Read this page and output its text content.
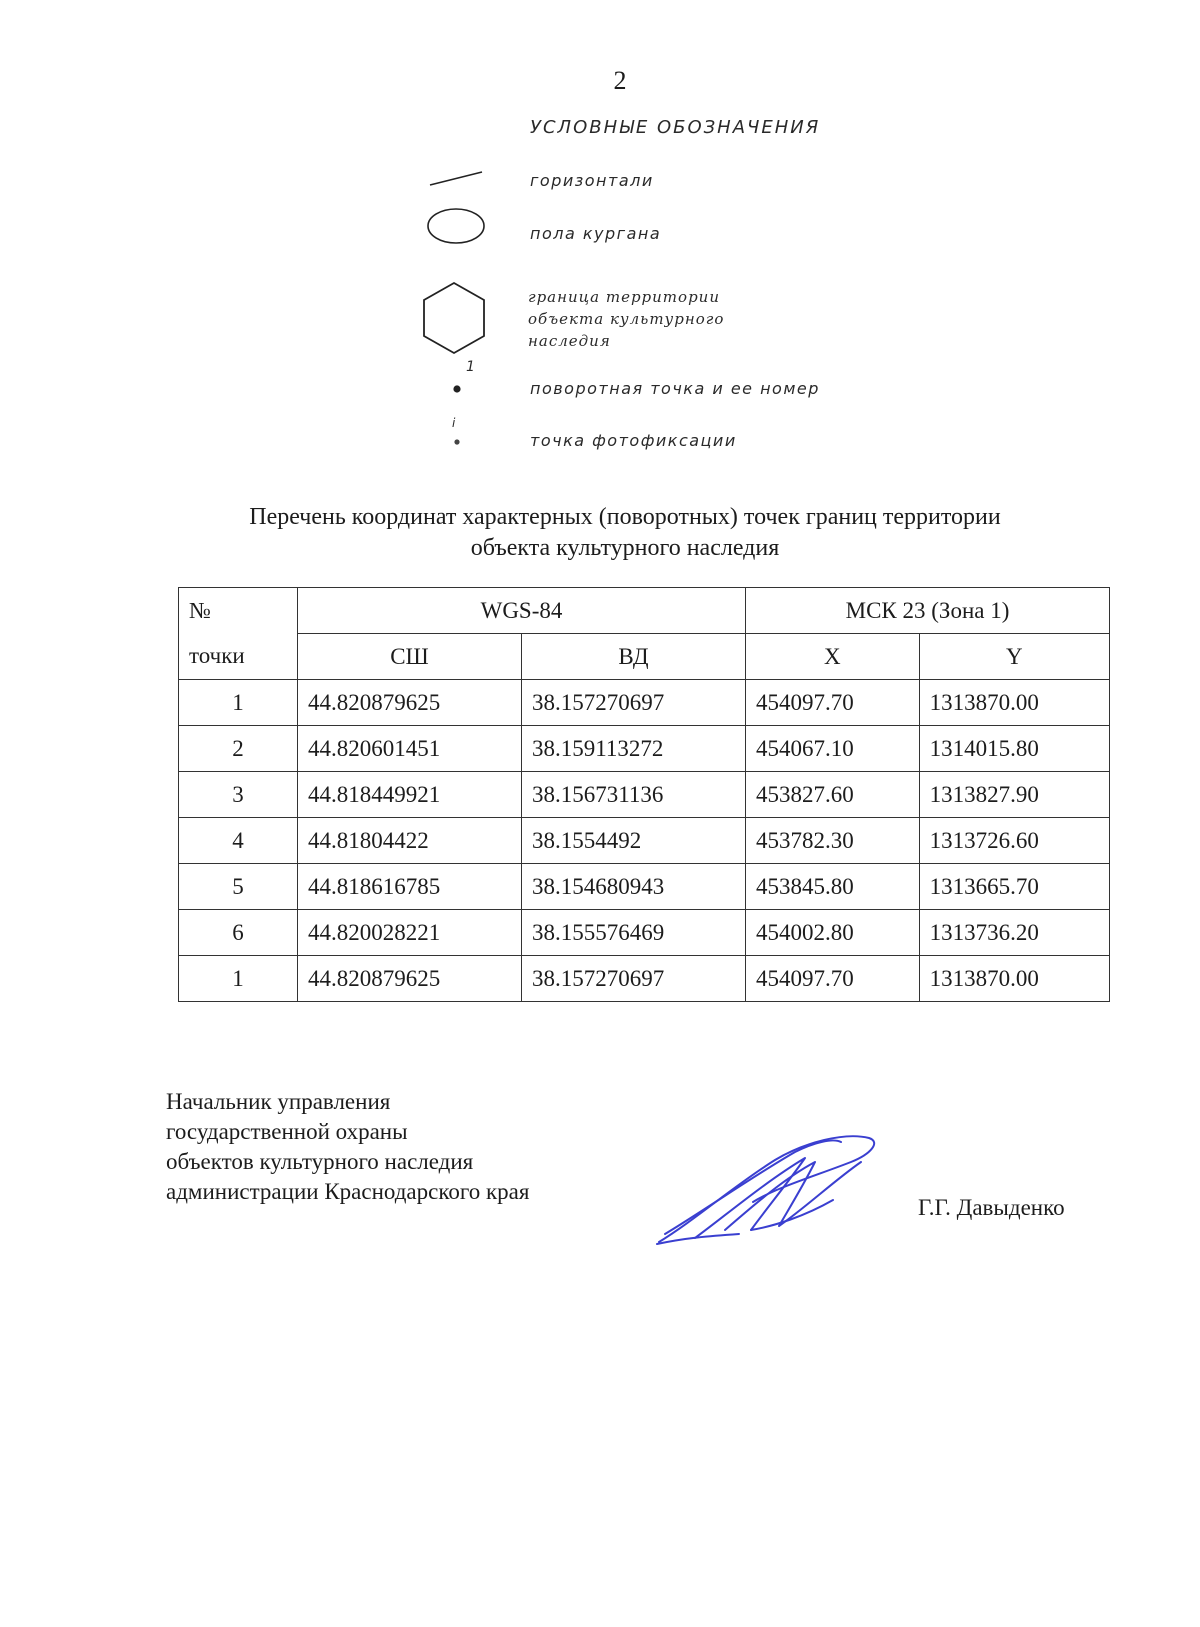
2
УСЛОВНЫЕ ОБОЗНАЧЕНИЯ
горизонтали
пола кургана
граница территории
объекта культурного
наследия
1
поворотная точка и ее номер
i
точка фотофиксации
Перечень координат характерных (поворотных) точек границ территории
объекта культурного наследия
№	WGS-84		МСК 23 (Зона 1)	
точки	СШ	ВД	X	Y
1	44.820879625	38.157270697	454097.70	1313870.00
2	44.820601451	38.159113272	454067.10	1314015.80
3	44.818449921	38.156731136	453827.60	1313827.90
4	44.81804422	38.1554492	453782.30	1313726.60
5	44.818616785	38.154680943	453845.80	1313665.70
6	44.820028221	38.155576469	454002.80	1313736.20
1	44.820879625	38.157270697	454097.70	1313870.00
Начальник управления
государственной охраны
объектов культурного наследия
администрации Краснодарского края
Г.Г. Давыденко
